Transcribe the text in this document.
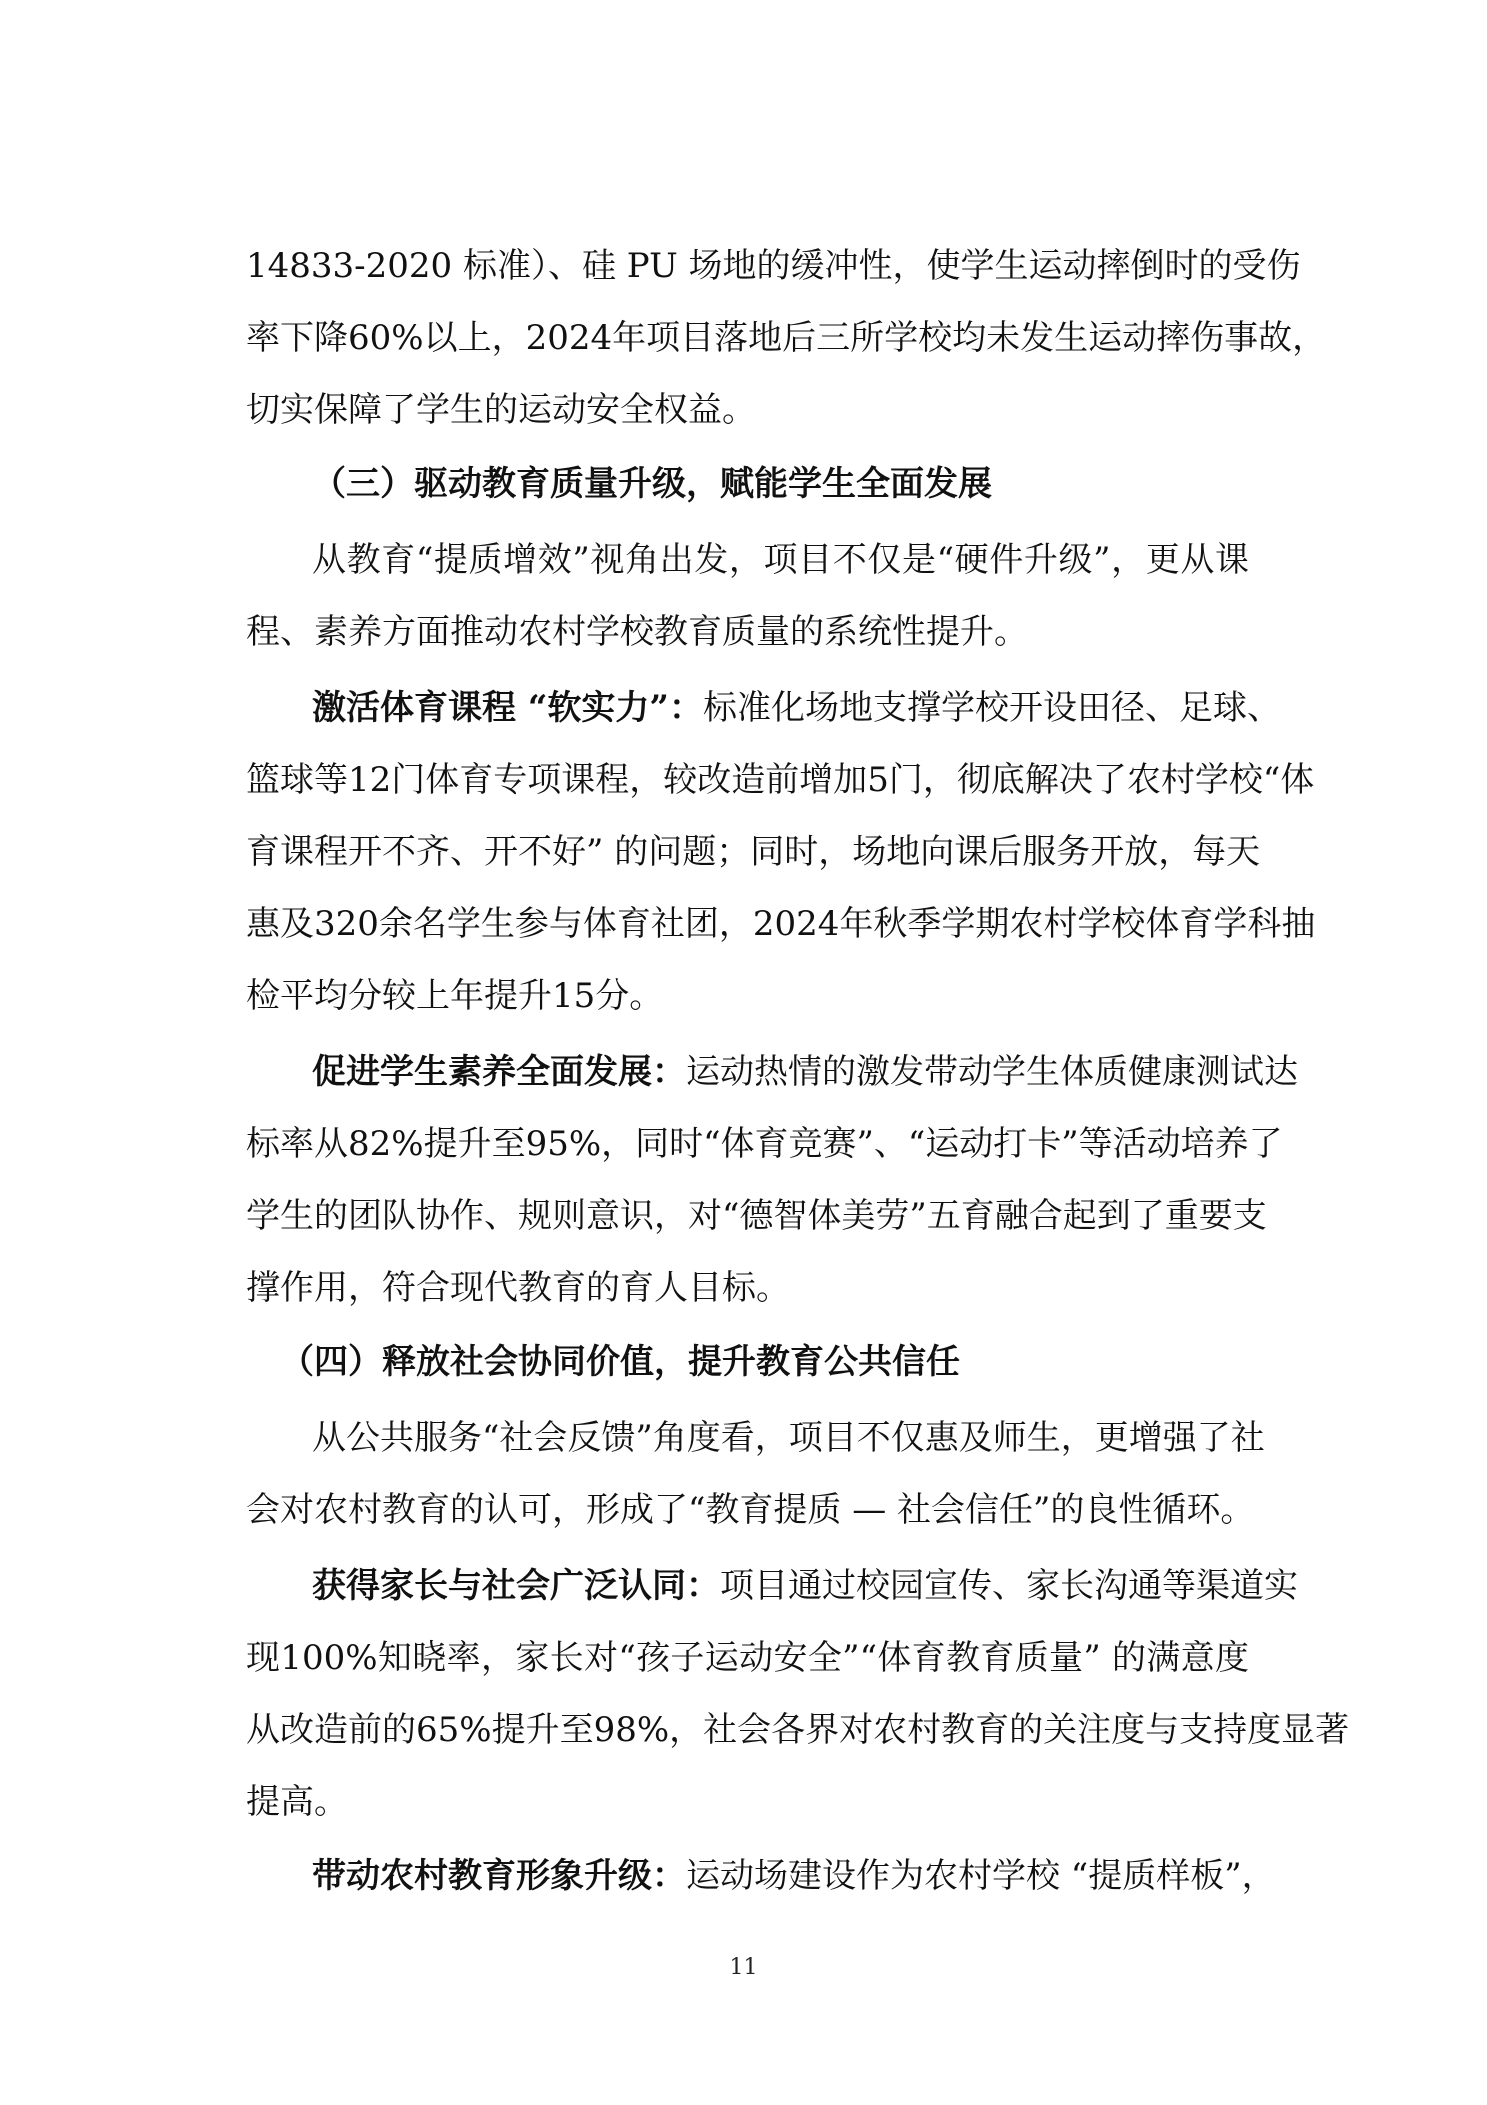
14833-2020 标准）、硅 PU 场地的缓冲性，使学生运动摔倒时的受伤
率下降60%以上，2024年项目落地后三所学校均未发生运动摔伤事故，
切实保障了学生的运动安全权益。
（三）驱动教育质量升级，赋能学生全面发展
从教育“提质增效”视角出发，项目不仅是“硬件升级”，更从课
程、素养方面推动农村学校教育质量的系统性提升。
激活体育课程 “软实力”：标准化场地支撑学校开设田径、足球、
篮球等12门体育专项课程，较改造前增加5门，彻底解决了农村学校“体
育课程开不齐、开不好” 的问题；同时，场地向课后服务开放，每天
惠及320余名学生参与体育社团，2024年秋季学期农村学校体育学科抽
检平均分较上年提升15分。
促进学生素养全面发展：运动热情的激发带动学生体质健康测试达
标率从82%提升至95%，同时“体育竞赛”、“运动打卡”等活动培养了
学生的团队协作、规则意识，对“德智体美劳”五育融合起到了重要支
撑作用，符合现代教育的育人目标。
（四）释放社会协同价值，提升教育公共信任
从公共服务“社会反馈”角度看，项目不仅惠及师生，更增强了社
会对农村教育的认可，形成了“教育提质 — 社会信任”的良性循环。
获得家长与社会广泛认同：项目通过校园宣传、家长沟通等渠道实
现100%知晓率，家长对“孩子运动安全”“体育教育质量” 的满意度
从改造前的65%提升至98%，社会各界对农村教育的关注度与支持度显著
提高。
带动农村教育形象升级：运动场建设作为农村学校 “提质样板”，
11
